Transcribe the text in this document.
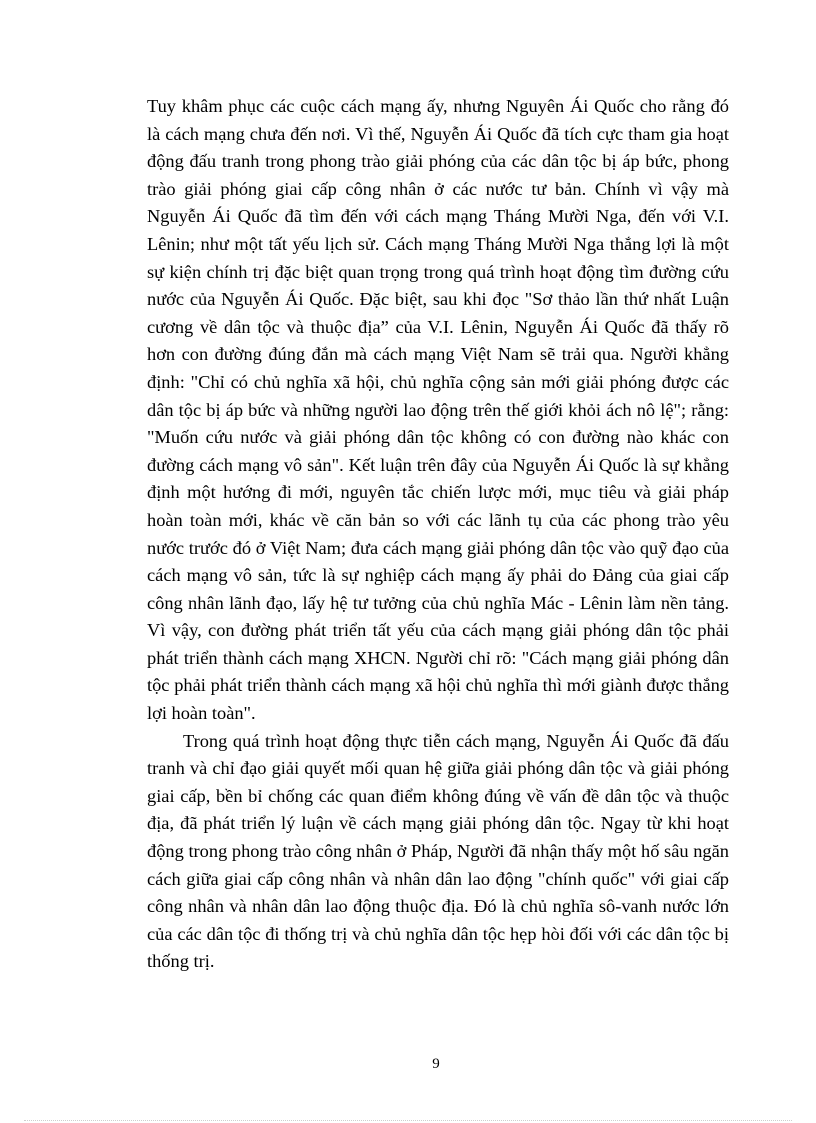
Tuy khâm phục các cuộc cách mạng ấy, nhưng Nguyên Ái Quốc cho rằng đó là cách mạng chưa đến nơi. Vì thế, Nguyễn Ái Quốc đã tích cực tham gia hoạt động đấu tranh trong phong trào giải phóng của các dân tộc bị áp bức, phong trào giải phóng giai cấp công nhân ở các nước tư bản. Chính vì vậy mà Nguyễn Ái Quốc đã tìm đến với cách mạng Tháng Mười Nga, đến với V.I. Lênin; như một tất yếu lịch sử. Cách mạng Tháng Mười Nga thắng lợi là một sự kiện chính trị đặc biệt quan trọng trong quá trình hoạt động tìm đường cứu nước của Nguyễn Ái Quốc. Đặc biệt, sau khi đọc "Sơ thảo lần thứ nhất Luận cương về dân tộc và thuộc địa” của V.I. Lênin, Nguyễn Ái Quốc đã thấy rõ hơn con đường đúng đắn mà cách mạng Việt Nam sẽ trải qua. Người khẳng định: "Chỉ có chủ nghĩa xã hội, chủ nghĩa cộng sản mới giải phóng được các dân tộc bị áp bức và những người lao động trên thế giới khỏi ách nô lệ"; rằng: "Muốn cứu nước và giải phóng dân tộc không có con đường nào khác con đường cách mạng vô sản". Kết luận trên đây của Nguyễn Ái Quốc là sự khẳng định một hướng đi mới, nguyên tắc chiến lược mới, mục tiêu và giải pháp hoàn toàn mới, khác về căn bản so với các lãnh tụ của các phong trào yêu nước trước đó ở Việt Nam; đưa cách mạng giải phóng dân tộc vào quỹ đạo của cách mạng vô sản, tức là sự nghiệp cách mạng ấy phải do Đảng của giai cấp công nhân lãnh đạo, lấy hệ tư tưởng của chủ nghĩa Mác - Lênin làm nền tảng. Vì vậy, con đường phát triển tất yếu của cách mạng giải phóng dân tộc phải phát triển thành cách mạng XHCN. Người chỉ rõ: "Cách mạng giải phóng dân tộc phải phát triển thành cách mạng xã hội chủ nghĩa thì mới giành được thắng lợi hoàn toàn".

Trong quá trình hoạt động thực tiễn cách mạng, Nguyễn Ái Quốc đã đấu tranh và chỉ đạo giải quyết mối quan hệ giữa giải phóng dân tộc và giải phóng giai cấp, bền bỉ chống các quan điểm không đúng về vấn đề dân tộc và thuộc địa, đã phát triển lý luận về cách mạng giải phóng dân tộc. Ngay từ khi hoạt động trong phong trào công nhân ở Pháp, Người đã nhận thấy một hố sâu ngăn cách giữa giai cấp công nhân và nhân dân lao động "chính quốc" với giai cấp công nhân và nhân dân lao động thuộc địa. Đó là chủ nghĩa sô-vanh nước lớn của các dân tộc đi thống trị và chủ nghĩa dân tộc hẹp hòi đối với các dân tộc bị thống trị.

9
